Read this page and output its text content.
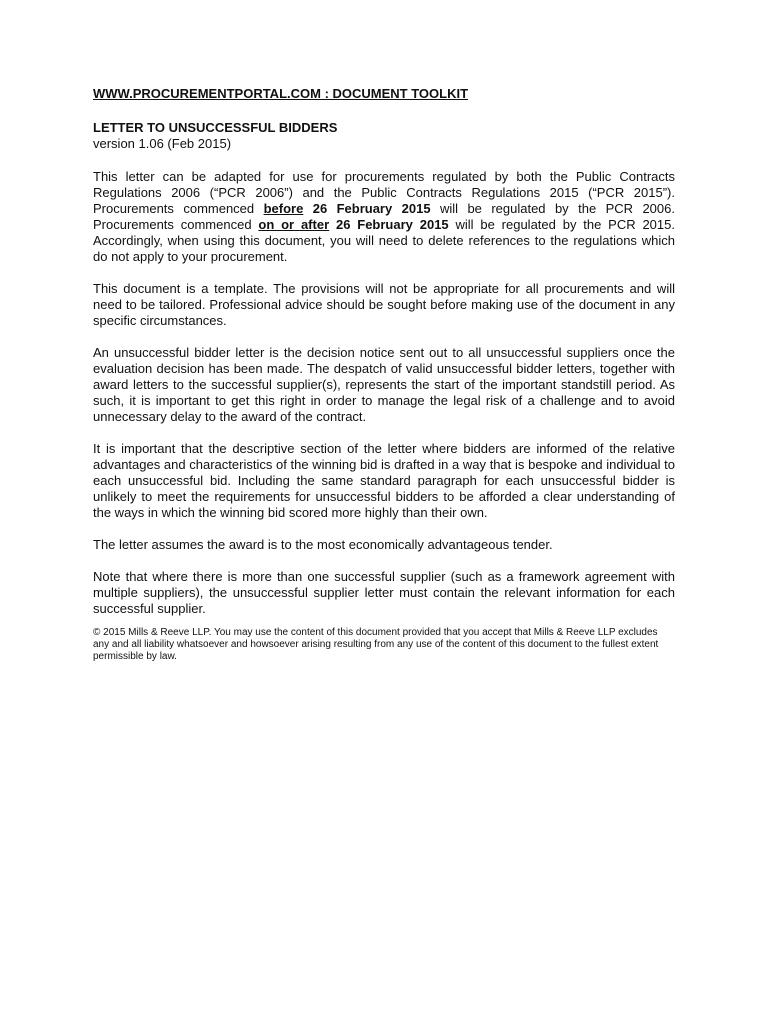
WWW.PROCUREMENTPORTAL.COM : DOCUMENT TOOLKIT

LETTER TO UNSUCCESSFUL BIDDERS

version 1.06 (Feb 2015)

This letter can be adapted for use for procurements regulated by both the Public Contracts Regulations 2006 (“PCR 2006”) and the Public Contracts Regulations 2015 (“PCR 2015”). Procurements commenced before 26 February 2015 will be regulated by the PCR 2006. Procurements commenced on or after 26 February 2015 will be regulated by the PCR 2015. Accordingly, when using this document, you will need to delete references to the regulations which do not apply to your procurement.

This document is a template. The provisions will not be appropriate for all procurements and will need to be tailored. Professional advice should be sought before making use of the document in any specific circumstances.

An unsuccessful bidder letter is the decision notice sent out to all unsuccessful suppliers once the evaluation decision has been made. The despatch of valid unsuccessful bidder letters, together with award letters to the successful supplier(s), represents the start of the important standstill period. As such, it is important to get this right in order to manage the legal risk of a challenge and to avoid unnecessary delay to the award of the contract.

It is important that the descriptive section of the letter where bidders are informed of the relative advantages and characteristics of the winning bid is drafted in a way that is bespoke and individual to each unsuccessful bid. Including the same standard paragraph for each unsuccessful bidder is unlikely to meet the requirements for unsuccessful bidders to be afforded a clear understanding of the ways in which the winning bid scored more highly than their own.

The letter assumes the award is to the most economically advantageous tender.

Note that where there is more than one successful supplier (such as a framework agreement with multiple suppliers), the unsuccessful supplier letter must contain the relevant information for each successful supplier.

© 2015 Mills & Reeve LLP. You may use the content of this document provided that you accept that Mills & Reeve LLP excludes any and all liability whatsoever and howsoever arising resulting from any use of the content of this document to the fullest extent permissible by law.
